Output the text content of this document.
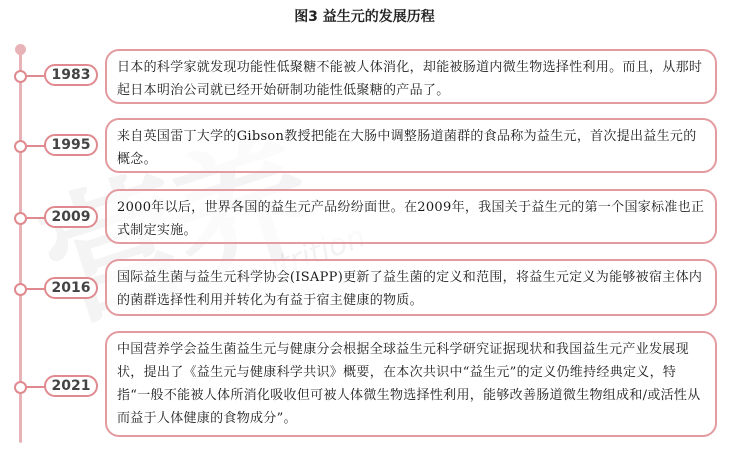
图3 益生元的发展历程
nutrition
1983	日本的科学家就发现功能性低聚糖不能被人体消化，却能被肠道内微生物选择性利用。而且，从那时起日本明治公司就已经开始研制功能性低聚糖的产品了。
1995
来自英国雷丁大学的Gibson教授把能在大肠中调整肠道菌群的食品称为益生元，首次提出益生元的概念。
2009
2000年以后，世界各国的益生元产品纷纷面世。在2009年，我国关于益生元的第一个国家标准也正式制定实施。
2016
国际益生菌与益生元科学协会(ISAPP)更新了益生菌的定义和范围，将益生元定义为能够被宿主体内的菌群选择性利用并转化为有益于宿主健康的物质。
2021
中国营养学会益生菌益生元与健康分会根据全球益生元科学研究证据现状和我国益生元产业发展现状，提出了《益生元与健康科学共识》概要，在本次共识中“益生元”的定义仍维持经典定义，特指“一般不能被人体所消化吸收但可被人体微生物选择性利用，能够改善肠道微生物组成和/或活性从而益于人体健康的食物成分”。
